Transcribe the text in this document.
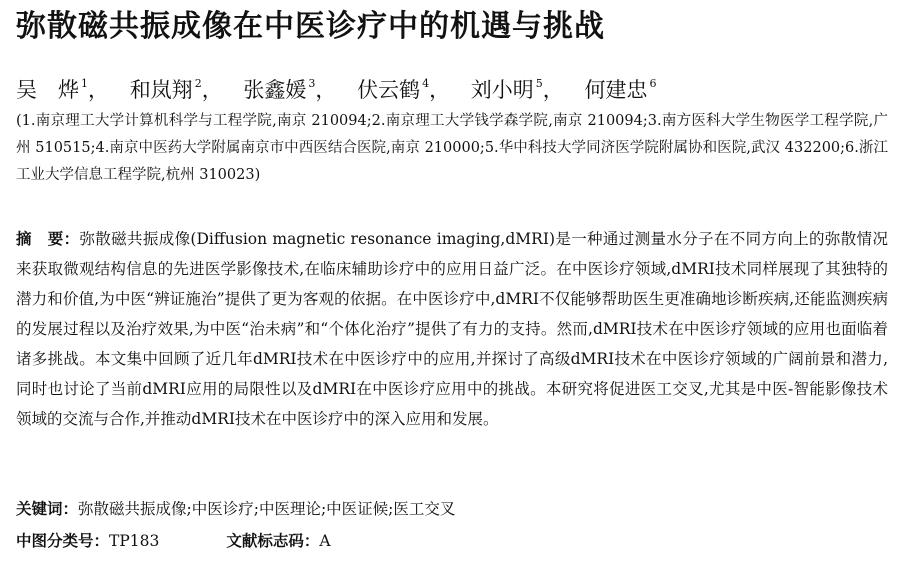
弥散磁共振成像在中医诊疗中的机遇与挑战
吴　烨 $^1$， 和岚翔 $^2$， 张鑫媛 $^3$， 伏云鹤 $^4$， 刘小明 $^5$， 何建忠 $^6$
(1.南京理工大学计算机科学与工程学院,南京 210094;2.南京理工大学钱学森学院,南京 210094;3.南方医科大学生物医学工程学院,广州 510515;4.南京中医药大学附属南京市中西医结合医院,南京 210000;5.华中科技大学同济医学院附属协和医院,武汉 432200;6.浙江工业大学信息工程学院,杭州 310023)
摘　要：弥散磁共振成像(Diffusion magnetic resonance imaging,dMRI)是一种通过测量水分子在不同方向上的弥散情况来获取微观结构信息的先进医学影像技术,在临床辅助诊疗中的应用日益广泛。在中医诊疗领域,dMRI技术同样展现了其独特的潜力和价值,为中医“辨证施治”提供了更为客观的依据。在中医诊疗中,dMRI不仅能够帮助医生更准确地诊断疾病,还能监测疾病的发展过程以及治疗效果,为中医“治未病”和“个体化治疗”提供了有力的支持。然而,dMRI技术在中医诊疗领域的应用也面临着诸多挑战。本文集中回顾了近几年dMRI技术在中医诊疗中的应用,并探讨了高级dMRI技术在中医诊疗领域的广阔前景和潜力,同时也讨论了当前dMRI应用的局限性以及dMRI在中医诊疗应用中的挑战。本研究将促进医工交叉,尤其是中医-智能影像技术领域的交流与合作,并推动dMRI技术在中医诊疗中的深入应用和发展。
关键词：弥散磁共振成像;中医诊疗;中医理论;中医证候;医工交叉
中图分类号：TP183	文献标志码：A
